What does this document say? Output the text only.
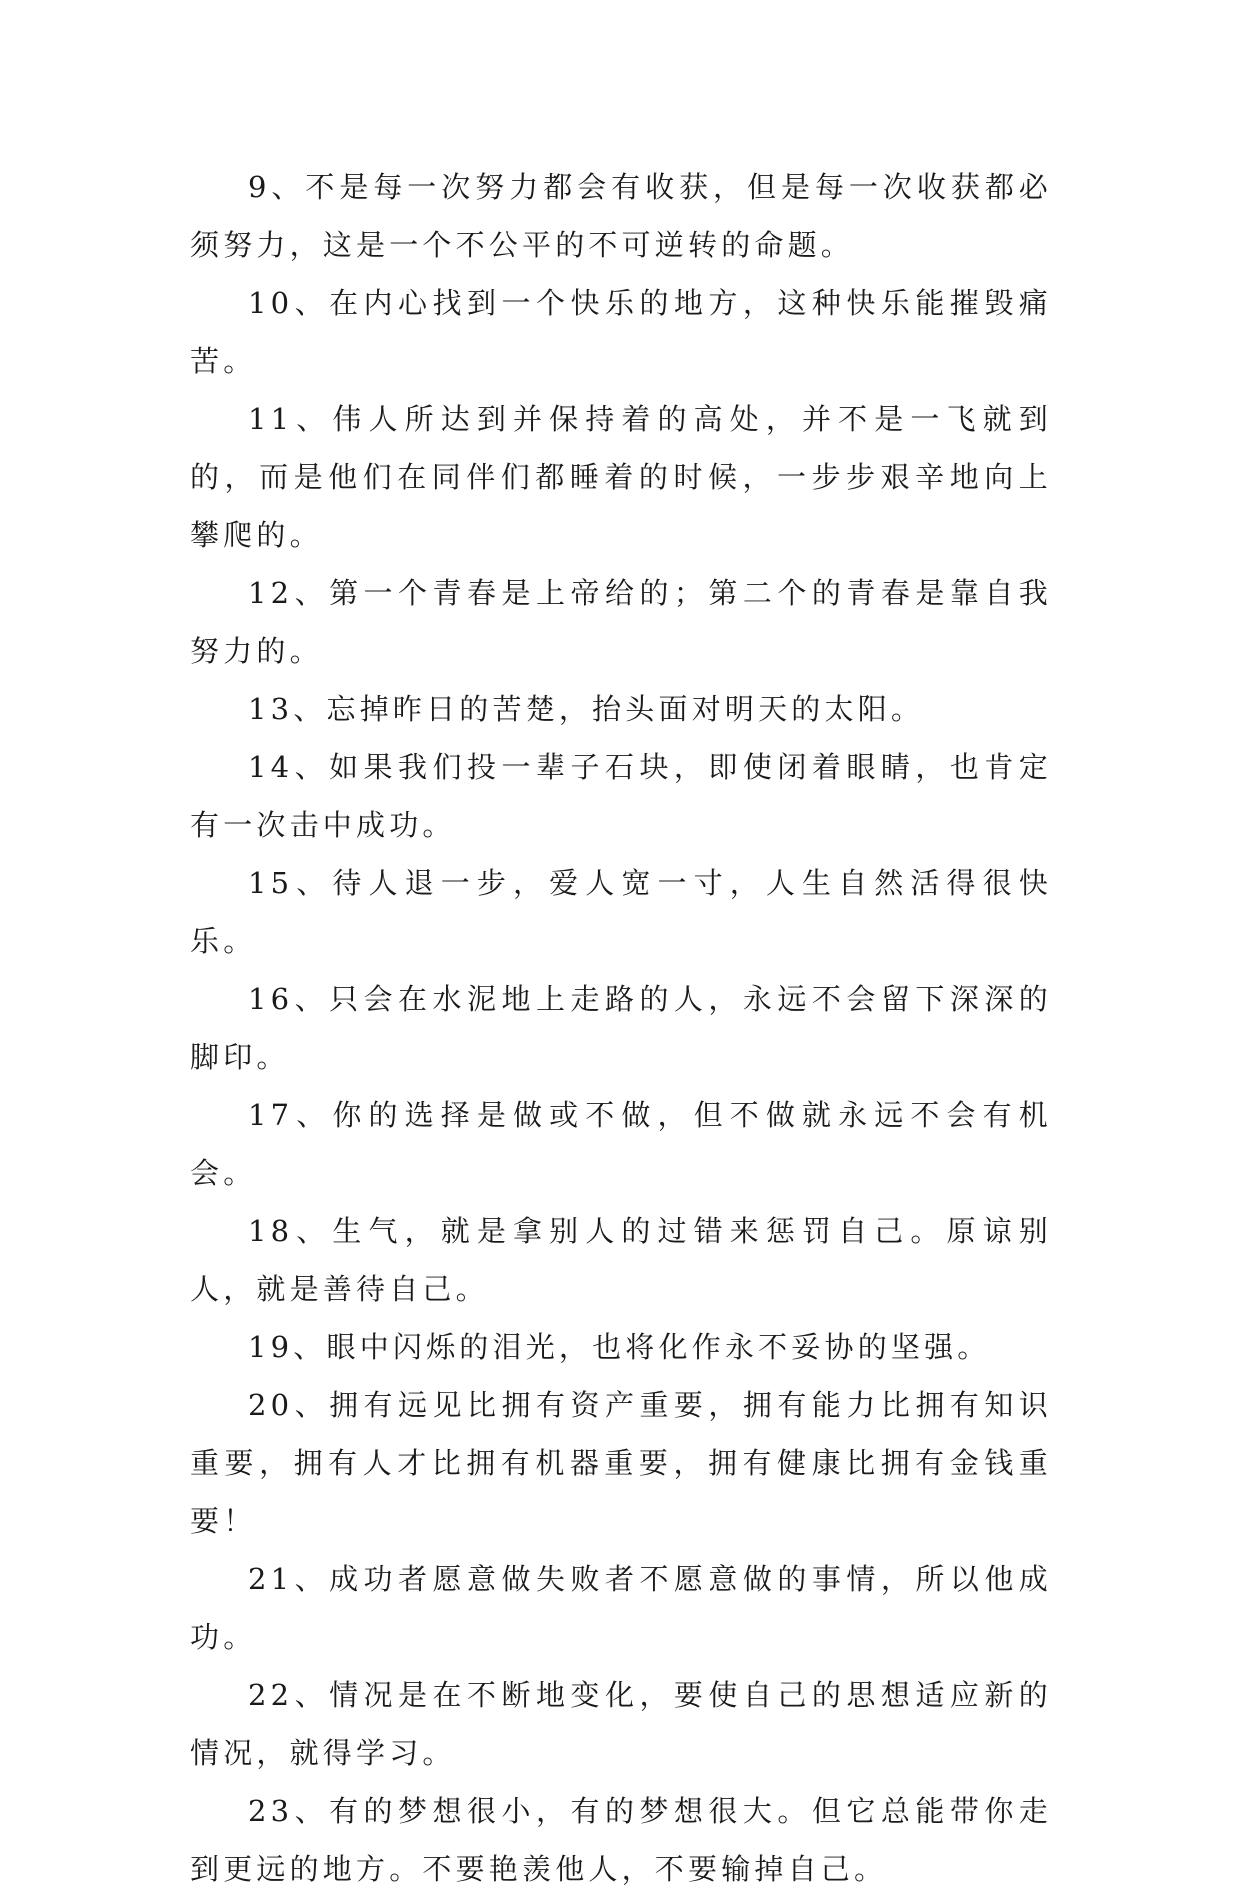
9、不是每一次努力都会有收获，但是每一次收获都必须努力，这是一个不公平的不可逆转的命题。

10、在内心找到一个快乐的地方，这种快乐能摧毁痛苦。

11、伟人所达到并保持着的高处，并不是一飞就到的，而是他们在同伴们都睡着的时候，一步步艰辛地向上攀爬的。

12、第一个青春是上帝给的；第二个的青春是靠自我努力的。

13、忘掉昨日的苦楚，抬头面对明天的太阳。

14、如果我们投一辈子石块，即使闭着眼睛，也肯定有一次击中成功。

15、待人退一步，爱人宽一寸，人生自然活得很快乐。

16、只会在水泥地上走路的人，永远不会留下深深的脚印。

17、你的选择是做或不做，但不做就永远不会有机会。

18、生气，就是拿别人的过错来惩罚自己。原谅别人，就是善待自己。

19、眼中闪烁的泪光，也将化作永不妥协的坚强。

20、拥有远见比拥有资产重要，拥有能力比拥有知识重要，拥有人才比拥有机器重要，拥有健康比拥有金钱重要！

21、成功者愿意做失败者不愿意做的事情，所以他成功。

22、情况是在不断地变化，要使自己的思想适应新的情况，就得学习。

23、有的梦想很小，有的梦想很大。但它总能带你走到更远的地方。不要艳羡他人，不要输掉自己。
